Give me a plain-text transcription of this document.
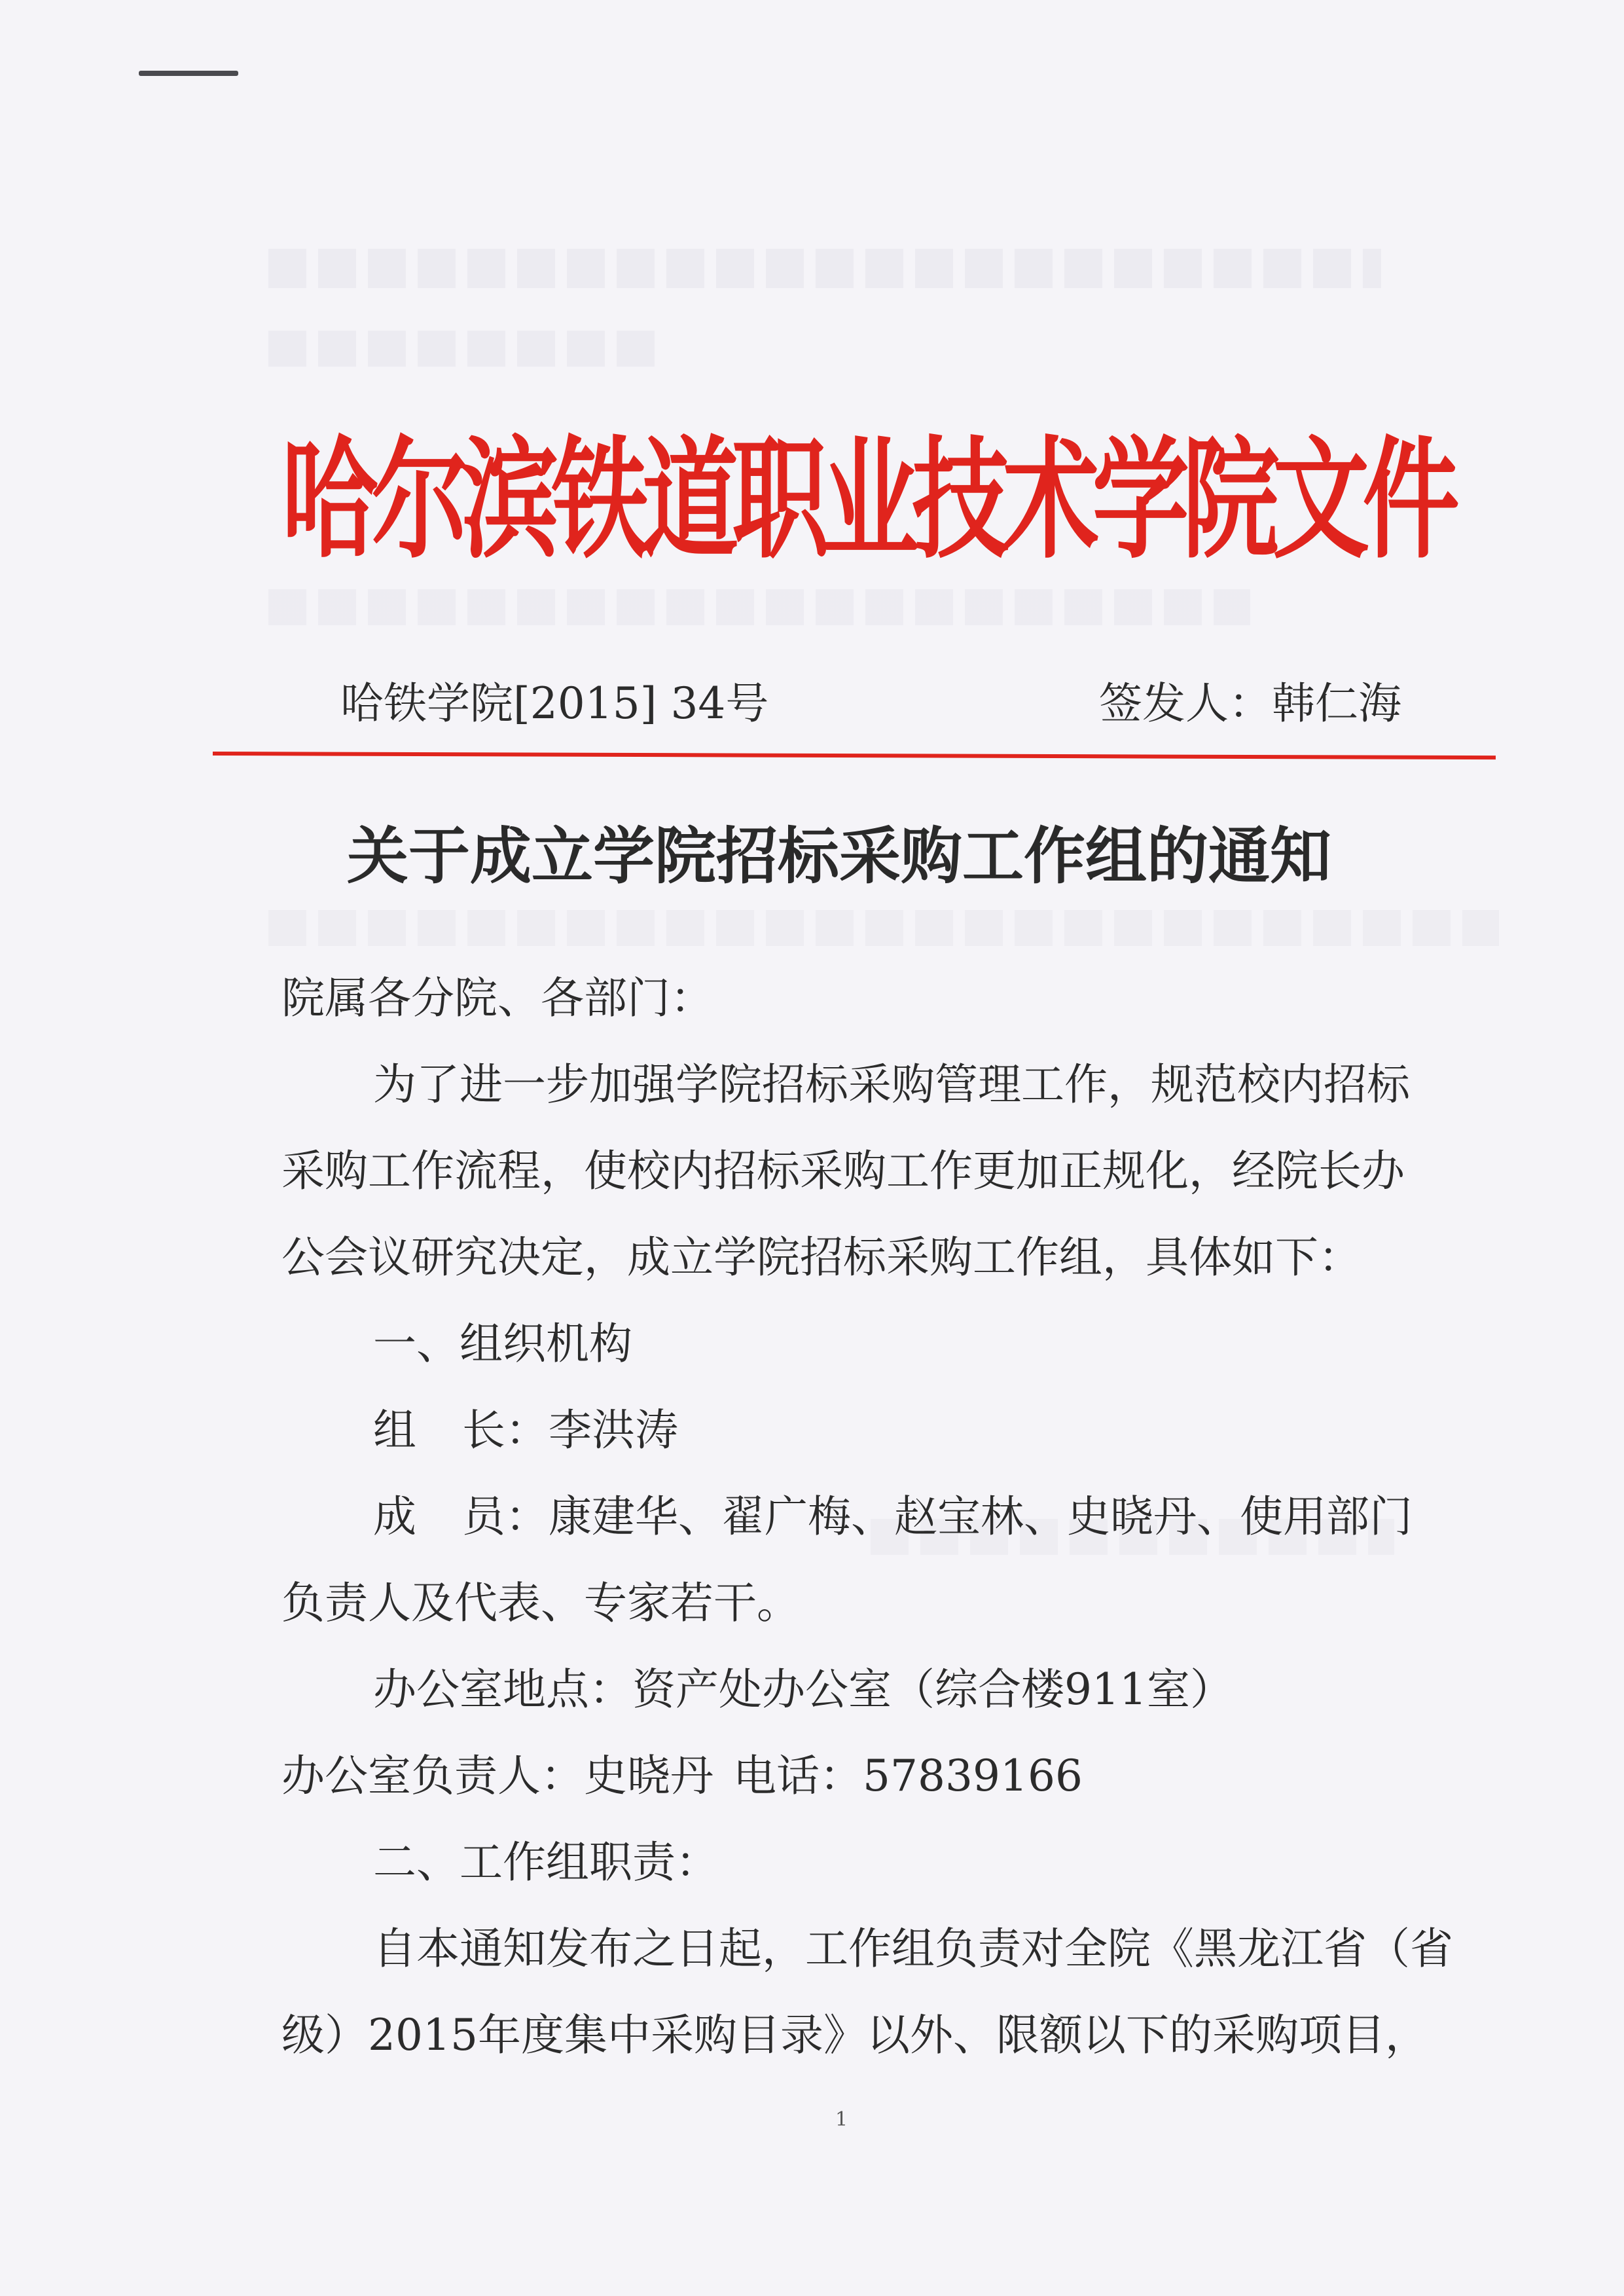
哈尔滨铁道职业技术学院文件
哈铁学院[2015] 34号	签发人： 韩仁海
关于成立学院招标采购工作组的通知
院属各分院、各部门：
为了进一步加强学院招标采购管理工作，规范校内招标
采购工作流程，使校内招标采购工作更加正规化，经院长办
公会议研究决定，成立学院招标采购工作组，具体如下：
一、组织机构
组 长：李洪涛
成 员：康建华、翟广梅、赵宝林、史晓丹、使用部门
负责人及代表、专家若干。
办公室地点：资产处办公室（综合楼911室）
办公室负责人：史晓丹 电话：57839166
二、工作组职责：
自本通知发布之日起，工作组负责对全院《黑龙江省（省
级）2015年度集中采购目录》以外、限额以下的采购项目，
1
